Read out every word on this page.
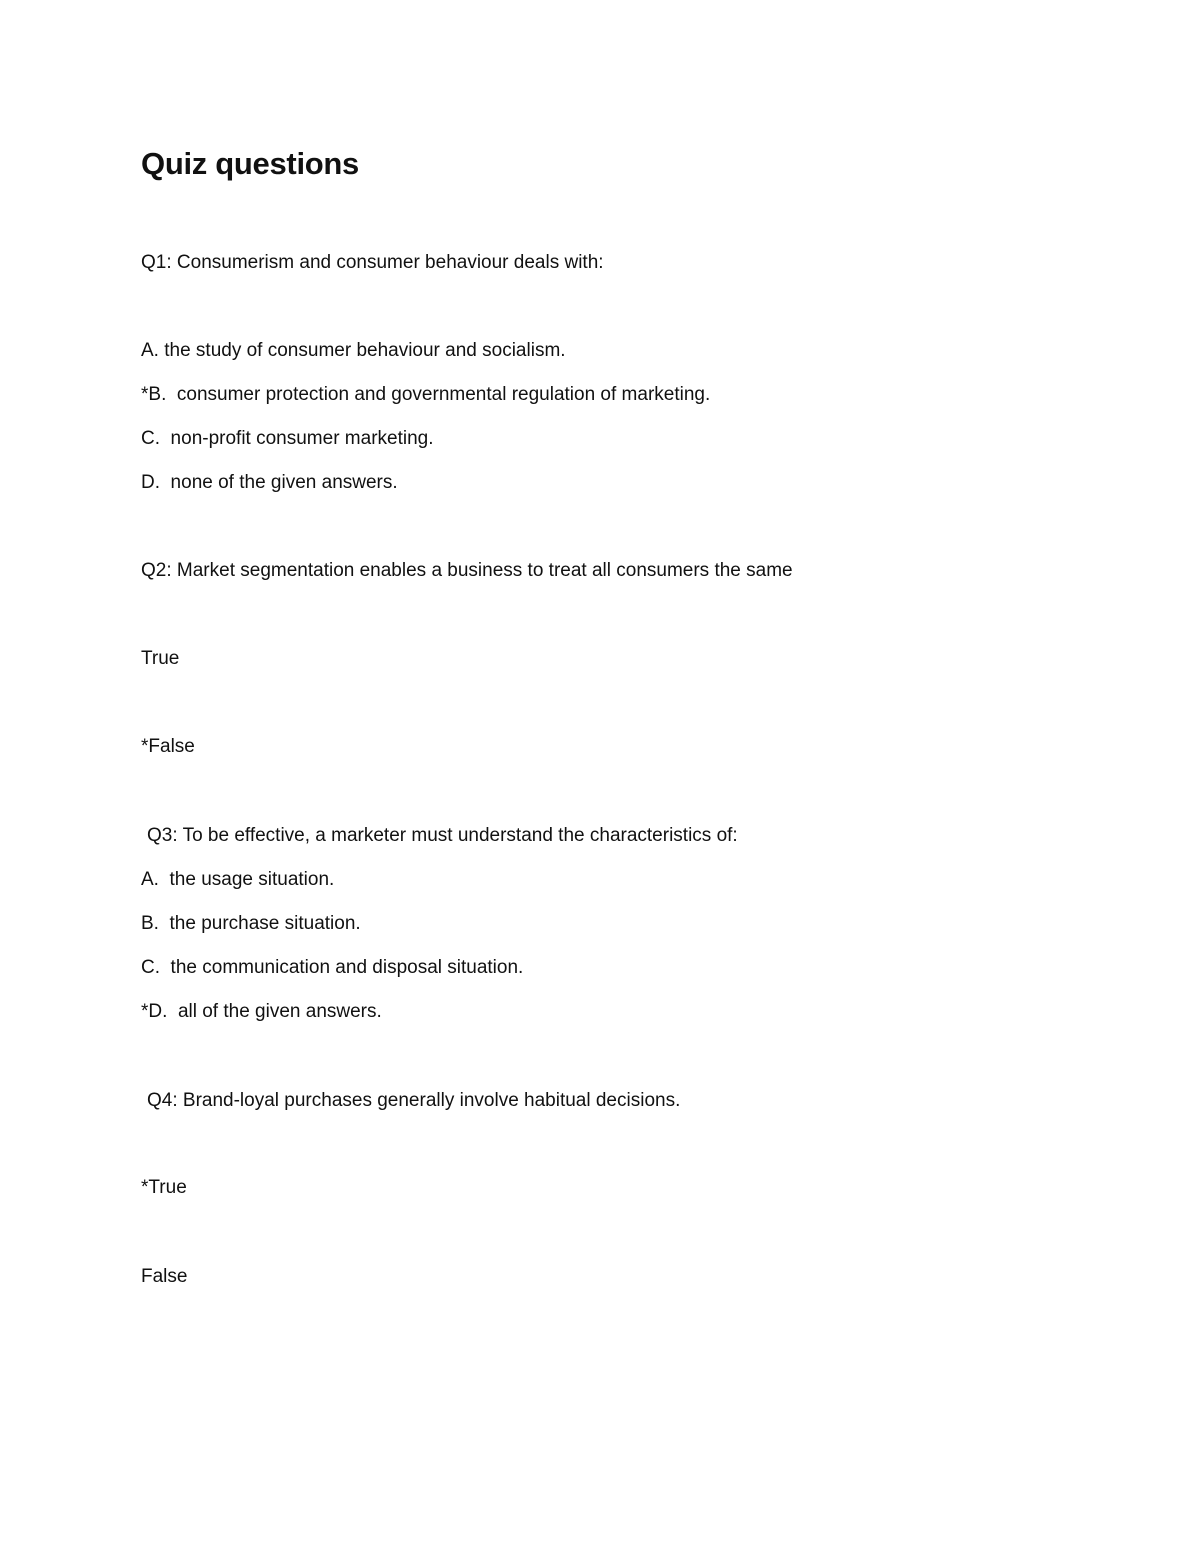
Quiz questions
Q1: Consumerism and consumer behaviour deals with:
A. the study of consumer behaviour and socialism.
*B.  consumer protection and governmental regulation of marketing.
C.  non-profit consumer marketing.
D.  none of the given answers.
Q2: Market segmentation enables a business to treat all consumers the same
True
*False
Q3: To be effective, a marketer must understand the characteristics of:
A.  the usage situation.
B.  the purchase situation.
C.  the communication and disposal situation.
*D.  all of the given answers.
Q4: Brand-loyal purchases generally involve habitual decisions.
*True
False
